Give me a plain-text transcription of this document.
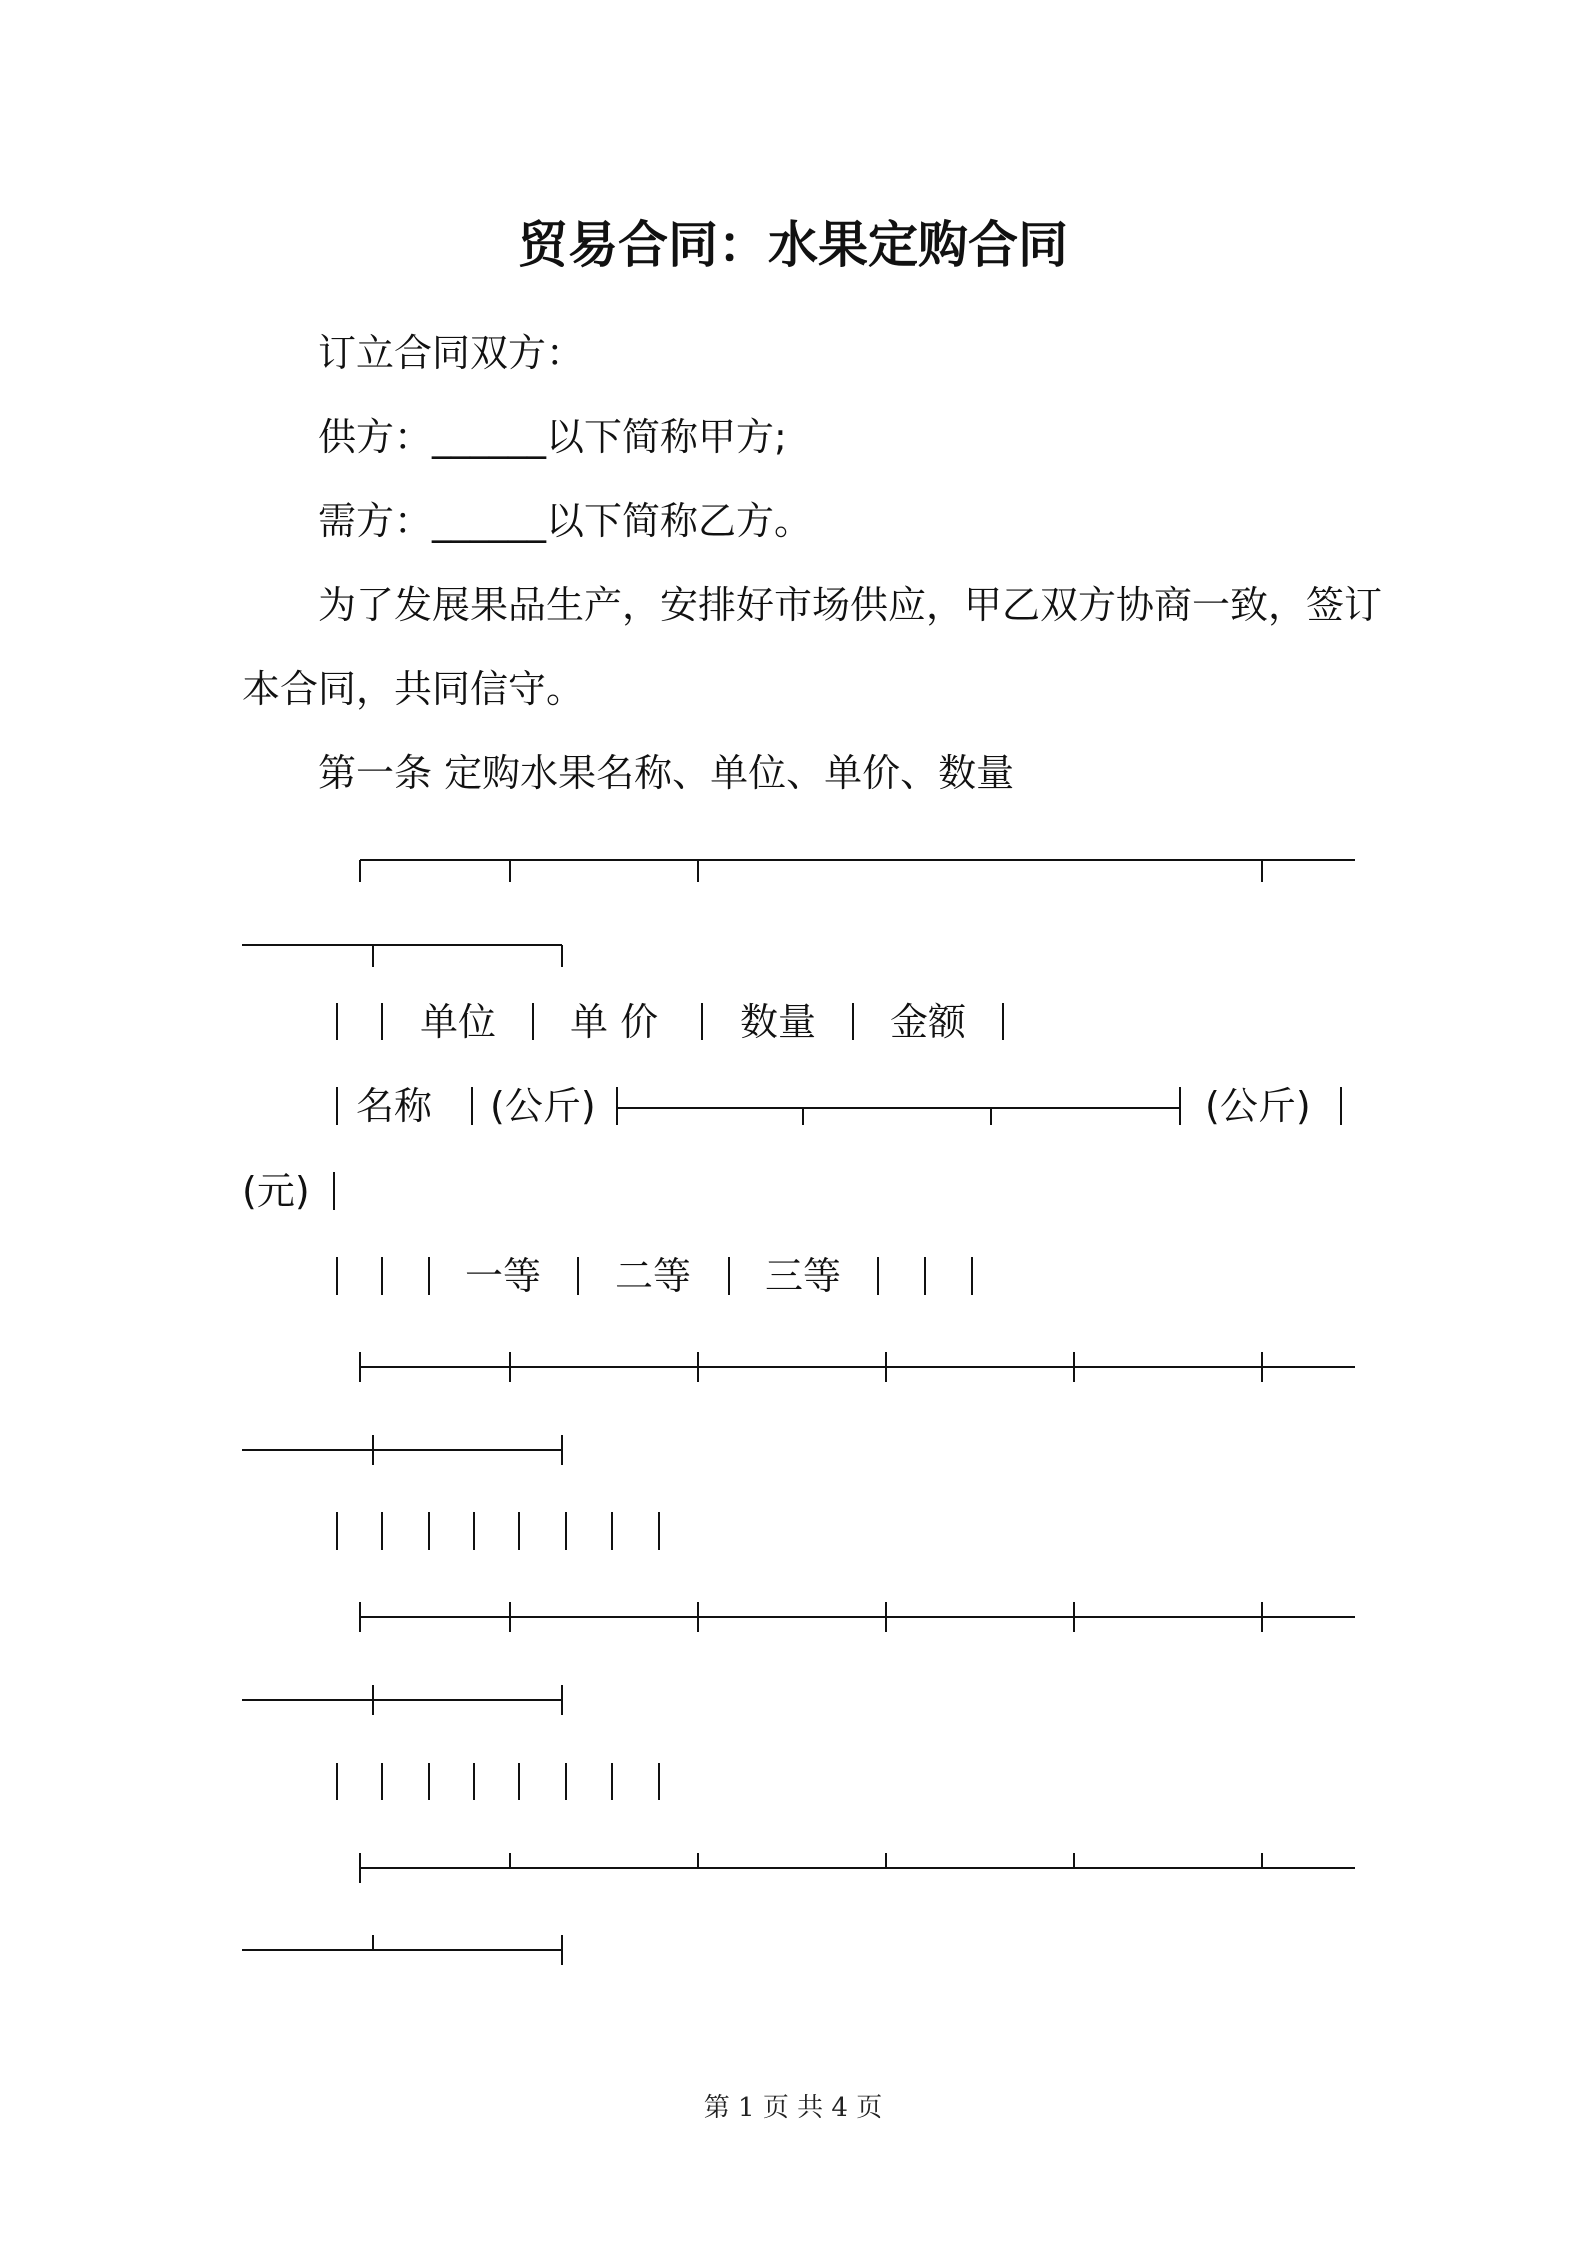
贸易合同：水果定购合同
订立合同双方：
供方：______以下简称甲方;
需方：______以下简称乙方。
为了发展果品生产，安排好市场供应，甲乙双方协商一致，签订
本合同，共同信守。
第一条 定购水果名称、单位、单价、数量
单位 单 价 数量 金额
名称 (公斤)	(公斤)
(元)
一等 二等 三等
第 1 页 共 4 页
